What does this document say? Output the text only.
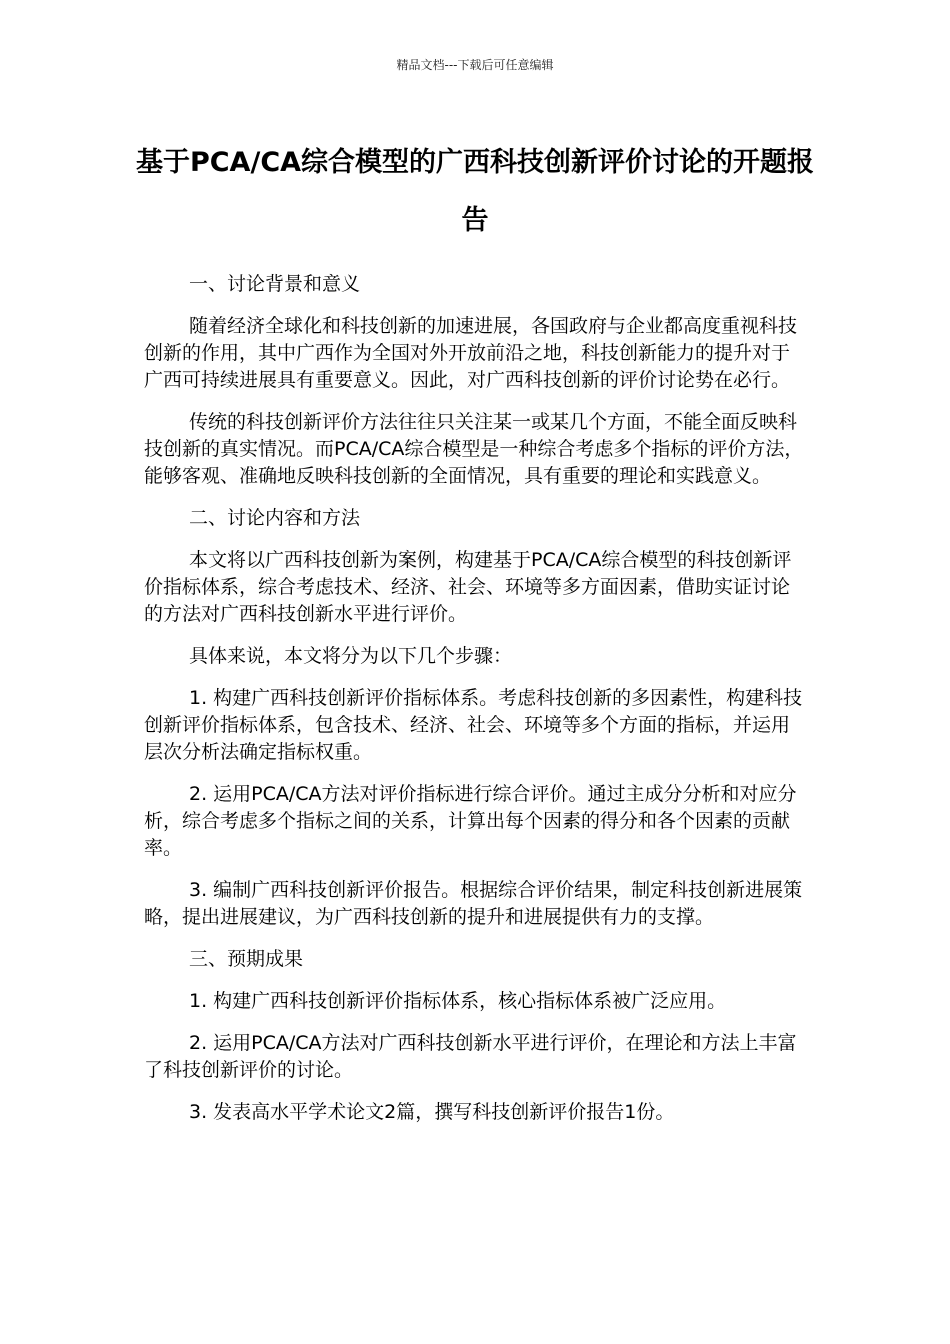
精品文档---下载后可任意编辑
基于PCA/CA综合模型的广西科技创新评价讨论的开题报告

一、讨论背景和意义

随着经济全球化和科技创新的加速进展，各国政府与企业都高度重视科技创新的作用，其中广西作为全国对外开放前沿之地，科技创新能力的提升对于广西可持续进展具有重要意义。因此，对广西科技创新的评价讨论势在必行。

传统的科技创新评价方法往往只关注某一或某几个方面，不能全面反映科技创新的真实情况。而PCA/CA综合模型是一种综合考虑多个指标的评价方法，能够客观、准确地反映科技创新的全面情况，具有重要的理论和实践意义。

二、讨论内容和方法

本文将以广西科技创新为案例，构建基于PCA/CA综合模型的科技创新评价指标体系，综合考虑技术、经济、社会、环境等多方面因素，借助实证讨论的方法对广西科技创新水平进行评价。

具体来说，本文将分为以下几个步骤：

1. 构建广西科技创新评价指标体系。考虑科技创新的多因素性，构建科技创新评价指标体系，包含技术、经济、社会、环境等多个方面的指标，并运用层次分析法确定指标权重。

2. 运用PCA/CA方法对评价指标进行综合评价。通过主成分分析和对应分析，综合考虑多个指标之间的关系，计算出每个因素的得分和各个因素的贡献率。

3. 编制广西科技创新评价报告。根据综合评价结果，制定科技创新进展策略，提出进展建议，为广西科技创新的提升和进展提供有力的支撑。

三、预期成果

1. 构建广西科技创新评价指标体系，核心指标体系被广泛应用。

2. 运用PCA/CA方法对广西科技创新水平进行评价，在理论和方法上丰富了科技创新评价的讨论。

3. 发表高水平学术论文2篇，撰写科技创新评价报告1份。
